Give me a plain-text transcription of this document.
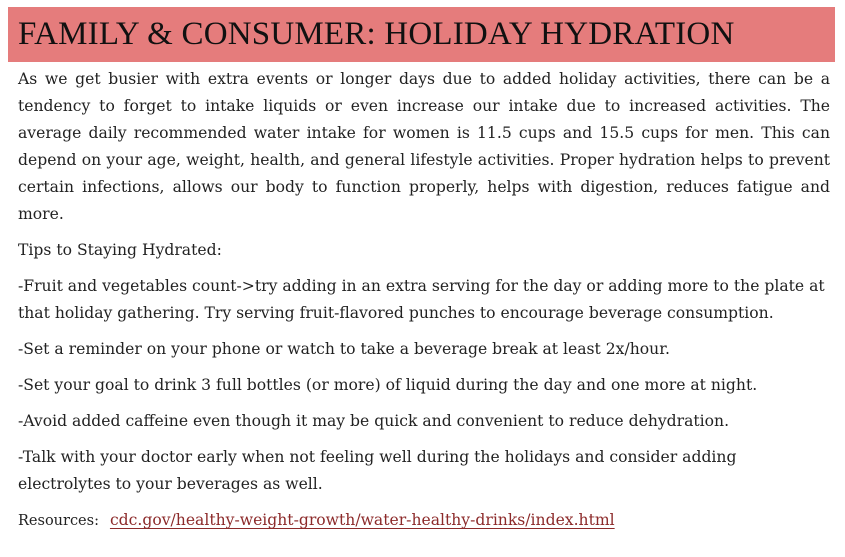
FAMILY & CONSUMER: HOLIDAY HYDRATION

As we get busier with extra events or longer days due to added holiday activities, there can be a tendency to forget to intake liquids or even increase our intake due to increased activities. The average daily recommended water intake for women is 11.5 cups and 15.5 cups for men. This can depend on your age, weight, health, and general lifestyle activities. Proper hydration helps to prevent certain infections, allows our body to function properly, helps with digestion, reduces fatigue and more.

Tips to Staying Hydrated:

-Fruit and vegetables count->try adding in an extra serving for the day or adding more to the plate at that holiday gathering. Try serving fruit-flavored punches to encourage beverage consumption.

-Set a reminder on your phone or watch to take a beverage break at least 2x/hour.

-Set your goal to drink 3 full bottles (or more) of liquid during the day and one more at night.

-Avoid added caffeine even though it may be quick and convenient to reduce dehydration.

-Talk with your doctor early when not feeling well during the holidays and consider adding electrolytes to your beverages as well.

Resources: cdc.gov/healthy-weight-growth/water-healthy-drinks/index.html
